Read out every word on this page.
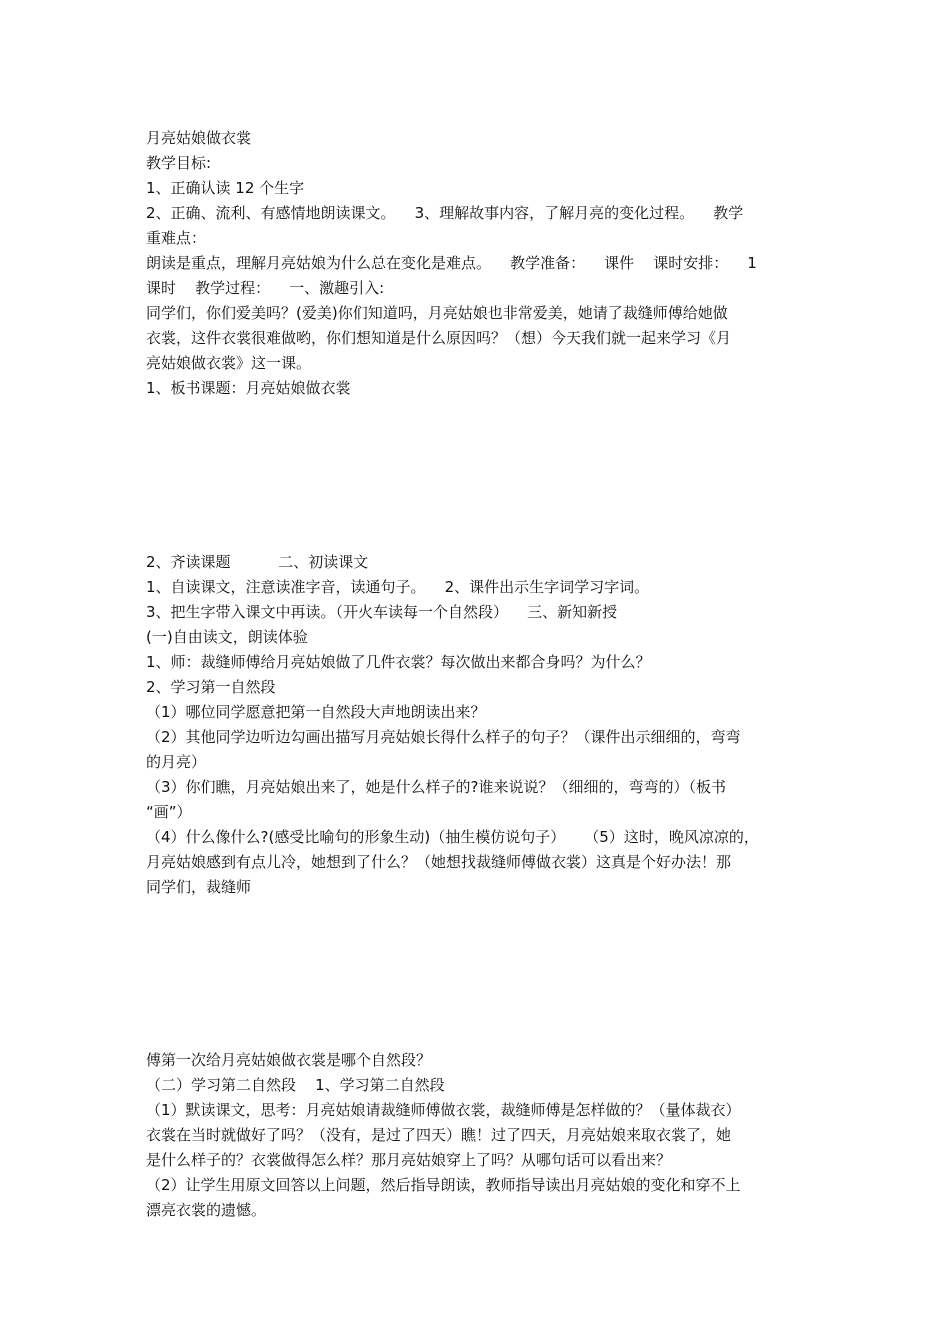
月亮姑娘做衣裳
教学目标:
1、正确认读 12 个生字
2、正确、流利、有感情地朗读课文。    3、理解故事内容，了解月亮的变化过程。    教学
重难点：
朗读是重点，理解月亮姑娘为什么总在变化是难点。    教学准备：    课件    课时安排：    1
课时    教学过程：    一、激趣引入:
同学们，你们爱美吗？(爱美)你们知道吗，月亮姑娘也非常爱美，她请了裁缝师傅给她做
衣裳，这件衣裳很难做哟，你们想知道是什么原因吗？（想）今天我们就一起来学习《月
亮姑娘做衣裳》这一课。
1、板书课题：月亮姑娘做衣裳
2、齐读课题          二、初读课文
1、自读课文，注意读准字音，读通句子。    2、课件出示生字词学习字词。
3、把生字带入课文中再读。（开火车读每一个自然段）    三、新知新授
(一)自由读文，朗读体验
1、师：裁缝师傅给月亮姑娘做了几件衣裳？每次做出来都合身吗？为什么？
2、学习第一自然段
（1）哪位同学愿意把第一自然段大声地朗读出来？
（2）其他同学边听边勾画出描写月亮姑娘长得什么样子的句子？（课件出示细细的，弯弯
的月亮）
（3）你们瞧，月亮姑娘出来了，她是什么样子的?谁来说说？（细细的，弯弯的）（板书
“画”）
（4）什么像什么?(感受比喻句的形象生动)（抽生模仿说句子）    （5）这时，晚风凉凉的，
月亮姑娘感到有点儿冷，她想到了什么？（她想找裁缝师傅做衣裳）这真是个好办法！那
同学们，裁缝师
傅第一次给月亮姑娘做衣裳是哪个自然段？
（二）学习第二自然段    1、学习第二自然段
（1）默读课文，思考：月亮姑娘请裁缝师傅做衣裳，裁缝师傅是怎样做的？（量体裁衣）
衣裳在当时就做好了吗？（没有，是过了四天）瞧！过了四天，月亮姑娘来取衣裳了，她
是什么样子的？衣裳做得怎么样？那月亮姑娘穿上了吗？从哪句话可以看出来？
（2）让学生用原文回答以上问题，然后指导朗读，教师指导读出月亮姑娘的变化和穿不上
漂亮衣裳的遗憾。
